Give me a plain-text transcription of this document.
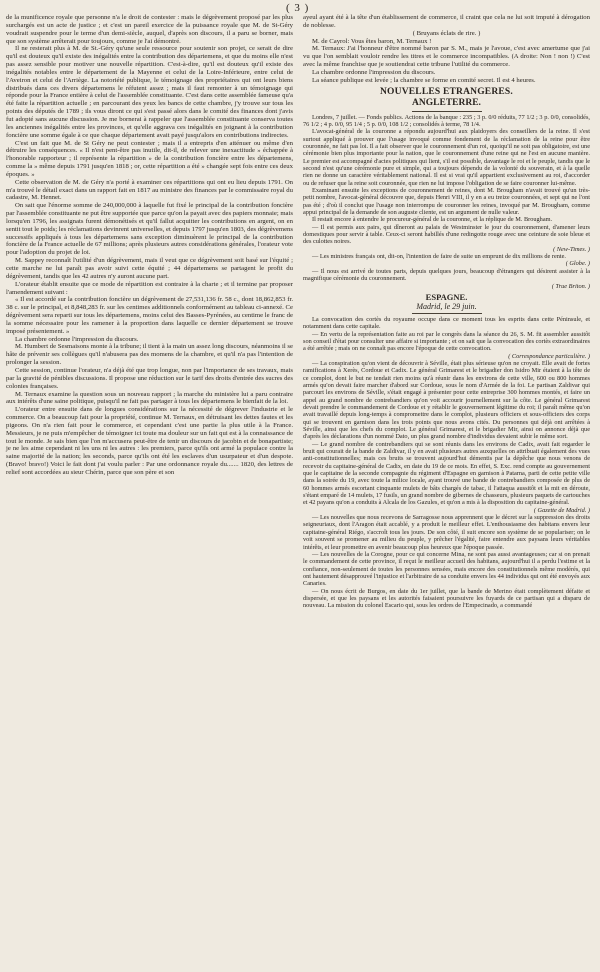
( 3 )

de la munificence royale que personne n'a le droit de contester : mais le dégrèvement proposé par les plus surchargés est un acte de justice ; et c'est un pareil exercice de la puissance royale que M. de St-Géry voudrait suspendre pour le terme d'un demi-siècle, auquel, d'après son discours, il a paru se borner, mais que son système arrêterait pour toujours, comme je l'ai démontré.

Il ne resterait plus à M. de St.-Géry qu'une seule ressource pour soutenir son projet, ce serait de dire qu'il est douteux qu'il existe des inégalités entre la contribution des départemens, et que du moins elle n'est pas assez sensible pour motiver une nouvelle répartition. C'est-à-dire, qu'il est douteux qu'il existe des inégalités notables entre le département de la Mayenne et celui de la Loire-Inférieure, entre celui de l'Aveiron et celui de l'Arriège. La notoriété publique, le témoignage des propriétaires qui ont leurs biens distribués dans ces divers départemens le réfutent assez ; mais il faut remonter à un témoignage qui réponde pour la France entière à celui de l'assemblée constituante. C'est dans cette assemblée fameuse qu'a été faite la répartition actuelle ; en parcourant des yeux les bancs de cette chambre, j'y trouve sur tous les points des députés de 1789 ; ils vous diront ce qui s'est passé alors dans le comité des finances dont j'avis fut adopté sans aucune discussion. Je me bornerai à rappeler que l'assemblée constituante conserva toutes les anciennes inégalités entre les provinces, et qu'elle aggrava ces inégalités en joignant à la contribution foncière une somme égale à ce que chaque département avait payé jusqu'alors en contributions indirectes.

C'est un fait que M. de St Géry ne peut contester ; mais il a entrepris d'en atténuer ou même d'en détruire les conséquences. « Il n'est pent-être pas inutile, dit-il, de relever une inexactitude » échappée à l'honorable rapporteur ; il représente la répartition » de la contribution foncière entre les départemens, comme la » même depuis 1791 jusqu'en 1818 ; or, cette répartition a été » changée sept fois entre ces deux époques. »

Cette observation de M. de Géry n'a porté à examiner ces répartitions qui ont eu lieu depuis 1791. On m'a trouvé le détail exact dans un rapport fait en 1817 au ministre des finances par le commissaire royal du cadastre, M. Hennet.

On sait que l'énorme somme de 240,000,000 à laquelle fut fixé le principal de la contribution foncière par l'assemblée constituante ne put être supportée que parce qu'on la payait avec des papiers monnaie; mais lorsqu'en 1796, les assignats furent démonétisés et qu'il fallut acquitter les contributions en argent, on en sentit tout le poids; les réclamations devinrent universelles, et depuis 1797 jusqu'en 1803, des dégrèvemens successifs appliqués à tous les départemens sans exception diminuèrent le principal de la contribution foncière de la France actuelle de 67 millions; après plusieurs autres considérations générales, l'orateur vote pour l'adoption du projet de loi.

M. Sappey reconnaît l'utilité d'un dégrèvement, mais il veut que ce dégrèvement soit basé sur l'équité ; cette marche ne lui paraît pas avoir suivi cette équité ; 44 départemens se partagent le profit du dégrèvement, tandis que les 42 autres n'y auront aucune part.

L'orateur établit ensuite que ce mode de répartition est contraire à la charte ; et il termine par proposer l'amendement suivant :

« Il est accordé sur la contribution foncière un dégrèvement de 27,531,136 fr. 58 c., dont 18,862,853 fr. 38 c. sur le principal, et 8,848,283 fr. sur les centimes additionnels conformément au tableau ci-annexé. Ce dégrèvement sera reparti sur tous les départemens, moins celui des Basses-Pyrénées, au centime le franc de la somme nécessaire pour les ramener à la proportion dans laquelle ce dernier département se trouve imposé présentement. »

La chambre ordonne l'impression du discours.

M. Humbert de Sesmaisons monte à la tribune; il tient à la main un assez long discours, néanmoins il se hâte de prévenir ses collègues qu'il n'abusera pas des momens de la chambre, et qu'il n'a pas l'intention de prolonger la session.

Cette session, continue l'orateur, n'a déjà été que trop longue, non par l'importance de ses travaux, mais par la gravité de pénibles discussions. Il propose une réduction sur le tarif des droits d'entrée des sucres des colonies françaises.

M. Ternaux examine la question sous un nouveau rapport ; la marche du ministère lui a paru contraire aux intérêts d'une saine politique, puisqu'il ne fait pas partager à tous les départemens le bienfait de la loi.

L'orateur entre ensuite dans de longues considérations sur la nécessité de dégrever l'industrie et le commerce. On a beaucoup fait pour la propriété, continue M. Ternaux, en détruisant les dettes fautes et les pigeons. On n'a rien fait pour le commerce, et cependant c'est une partie la plus utile à la France. Messieurs, je ne puis m'empêcher de témoigner ici toute ma douleur sur un fait qui est à la connaissance de tout le monde. Je sais bien que l'on m'accusera peut-être de tenir un discours de jacobin et de bonapartiste; je ne les aime cependant ni les uns ni les autres : les premiers, parce qu'ils ont armé la populace contre la saine majorité de la nation; les seconds, parce qu'ils ont été les esclaves d'un usurpateur et d'un despote. (Bravo! bravo!) Voici le fait dont j'ai voulu parler : Par une ordonnance royale du....... 1820, des lettres de relief sont accordées au sieur Chérin, parce que son père et son

ayeul ayant été à la tête d'un établissement de commerce, il craint que cela ne lui soit imputé à dérogation de noblesse.

( Bruyans éclats de rire. )

M. de Cayrol: Vous êtes baron, M. Ternaux !

M. Ternaux: J'ai l'honneur d'être nommé baron par S. M., mais je l'avoue, c'est avec amertume que j'ai vu que l'on semblait vouloir rendre les titres et le commerce incompatibles. (A droite: Non ! non !) C'est avec la même franchise que je soutiendrai cette tribune l'utilité du commerce.

La chambre ordonne l'impression du discours.

La séance publique est levée ; la chambre se forme en comité secret. Il est 4 heures.

NOUVELLES ETRANGERES.
ANGLETERRE.

Londres, 7 juillet. — Fonds publics. Actions de la banque : 235 ; 3 p. 0/0 réduits, 77 1/2 ; 3 p. 0/0, consolidés, 76 1/2 ; 4 p. 0/0, 95 1/4 ; 5 p. 0/0, 108 1/2 ; consolidés à terme, 78 1/4.

L'avocat-général de la couronne a répondu aujourd'hui aux plaidoyers des conseillers de la reine. Il s'est surtout appliqué à prouver que l'usage invoqué comme fondement de la réclamation de la reine pour être couronnée, ne fait pas loi. Il a fait observer que le couronnement d'un roi, quoiqu'il ne soit pas obligatoire, est une cérémonie bien plus importante pour la nation, que le couronnement d'une reine qui ne l'est en aucune manière. Le premier est accompagné d'actes politiques qui lient, s'il est possible, davantage le roi et le peuple, tandis que le second n'est qu'une cérémonie pure et simple, qui a toujours dépendu de la volonté du souverain, et à la quelle rien ne donne un caractère véritablement national. Il est si vrai qu'il appartient exclusivement au roi, d'accorder ou de refuser que la reine soit couronnée, que rien ne lui impose l'obligation de se faire couronner lui-même.

Examinant ensuite les exceptions de couronnement de reines, dont M. Brougham n'avait trouvé qu'un très-petit nombre, l'avocat-général découvre que, depuis Henri VIII, il y en a eu treize couronnées, et sept qui ne l'ont pas été ; d'où il conclut que l'usage non interrompu de couronner les reines, invoqué par M. Brougham, comme appui principal de la demande de son auguste cliente, est un argument de nulle valeur.

Il restait encore à entendre le procureur-général de la couronne, et la réplique de M. Brougham.

— Il est permis aux pairs, qui dîneront au palais de Westminster le jour du couronnement, d'amener leurs domestiques pour servir à table. Ceux-ci seront habillés d'une redingotte rouge avec une ceinture de soie bleue et des culottes noires.

( New-Times. )

— Les ministres français ont, dit-on, l'intention de faire de suite un emprunt de dix millions de rente.

( Globe. )

— Il nous est arrivé de toutes parts, depuis quelques jours, beaucoup d'étrangers qui désirent assister à la magnifique cérémonie du couronnement.

( True Briton. )

ESPAGNE.
Madrid, le 29 juin.

La convocation des cortès du royaume occupe dans ce moment tous les esprits dans cette Péninsule, et notamment dans cette capitale.

— En vertu de la représentation faite au roi par le congrès dans la séance du 26, S. M. fit assembler aussitôt son conseil d'état pour consulter une affaire si importante ; et on sait que la convocation des cortès extraordinaires a été arrêtée ; mais on ne connaît pas encore l'époque de cette convocation.

( Correspondance particulière. )

— La conspiration qu'on vient de découvrir à Séville, était plus sérieuse qu'on ne croyait. Elle avait de fortes ramifications à Xerès, Cordoue et Cadix. Le général Grimarest et le brigadier don Isidro Mir étaient à la tête de ce complot, dont le but ne tendait rien moins qu'à réunir dans les environs de cette ville, 600 ou 800 hommes armés qu'on devait faire marcher d'abord sur Cordoue, sous le nom d'Armée de la foi. Le partisan Zaldivar qui parcourt les environs de Séville, s'était engagé à présenter pour cette entreprise 300 hommes montés, et faire un appel au grand nombre de contrebandiers qu'on voit accourir journellement sur la côte. Le général Grimarest devait prendre le commandement de Cordoue et y rétablir le gouvernement légitime du roi; il paraît même qu'on avait travaillé depuis long-temps à compromettre dans le complot, plusieurs officiers et sous-officiers des corps qui se trouvent en garnison dans les trois points que nous avons cités. Du personnes qui déjà ont arrêtées à Séville, ainsi que les chefs du complot. Le général Grimarest, et le brigadier Mir, ainsi on annonce déjà que d'après les déclarations d'un nommé Dato, un plus grand nombre d'individus devaient subir le même sort.

— Le grand nombre de contrebandiers qui se sont réunis dans les environs de Cadix, avait fait regarder le bruit qui courait de la bande de Zaldivar, il y en avait plusieurs autres auxquelles on attribuait également des vues anti-constitutionnelles; mais ces bruits se trouvent aujourd'hui démentis par la dépêche que nous venons de recevoir du capitaine-général de Cadix, en date du 19 de ce mois. En effet, S. Exc. rend compte au gouvernement que le capitaine de la seconde compagnie du régiment d'Espagne en garnison à Patarna, parti de cette petite ville dans la soirée du 19, avec toute la milice locale, ayant trouvé une bande de contrebandiers composée de plus de 60 hommes armés escortant cinquante mulets de bâts chargés de tabac, il l'attaqua aussitôt et la mit en déroute, s'étant emparé de 14 mulets, 17 fusils, un grand nombre de gibernes de chasseurs, plusieurs paquets de cartouches et 42 payans qu'on a conduits à Alcala de los Gazules, et qu'on a mis à la disposition du capitaine-général.

( Gazette de Madrid. )

— Les nouvelles que nous recevons de Sarragosse nous apprennent que le décret sur la suppression des droits seigneuriaux, dont l'Aragon était accablé, y a produit le meilleur effet. L'enthousiasme des habitans envers leur capitaine-général Riégo, s'accroît tous les jours. De son côté, il suit encore son système de se populariser; on le voit souvent se promener au milieu du peuple, y prêcher l'égalité, faire entendre aux paysans leurs véritables intérêts, et leur promettre en avenir beaucoup plus heureux que l'époque passée.

— Les nouvelles de la Corogne, pour ce qui concerne Mina, ne sont pas aussi avantageuses; car si on prenait le commandement de cette province, il reçut le meilleur accueil des habitans, aujourd'hui il a perdu l'estime et la confiance, non-seulement de toutes les personnes sensées, mais encore des constitutionnels même modérés, qui ont hautement désapprouvé l'injustice et l'arbitraire de sa conduite envers les 44 individus qui ont été envoyés aux Canaries.

— On nous écrit de Burgos, en date du 1er juillet, que la bande de Merino était complètement défaite et dispersée, et que les paysans et les autorités faisaient poursuivre les fuyards de ce partisan qui a disparu de nouveau. La mission du colonel Escario qui, sous les ordres de l'Empecinado, a commandé
